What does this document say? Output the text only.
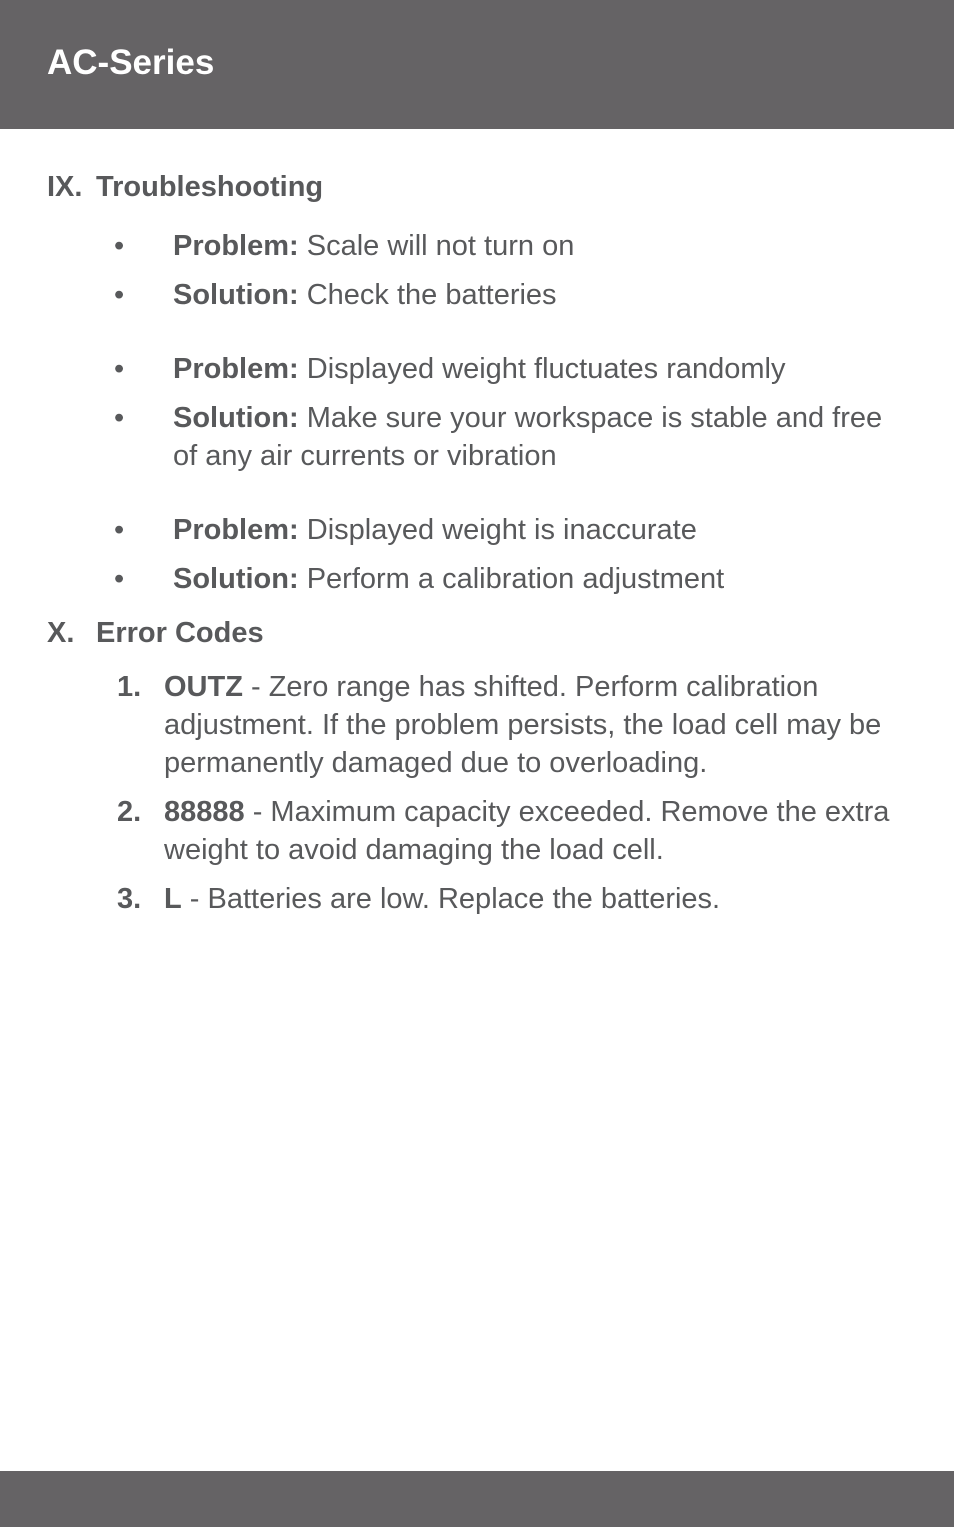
AC-Series
IX. Troubleshooting
• Problem: Scale will not turn on
• Solution: Check the batteries
• Problem: Displayed weight fluctuates randomly
• Solution: Make sure your workspace is stable and free of any air currents or vibration
• Problem: Displayed weight is inaccurate
• Solution: Perform a calibration adjustment
X. Error Codes
1. OUTZ - Zero range has shifted. Perform calibration adjustment. If the problem persists, the load cell may be permanently damaged due to overloading.
2. 88888 - Maximum capacity exceeded. Remove the extra weight to avoid damaging the load cell.
3. L - Batteries are low. Replace the batteries.
